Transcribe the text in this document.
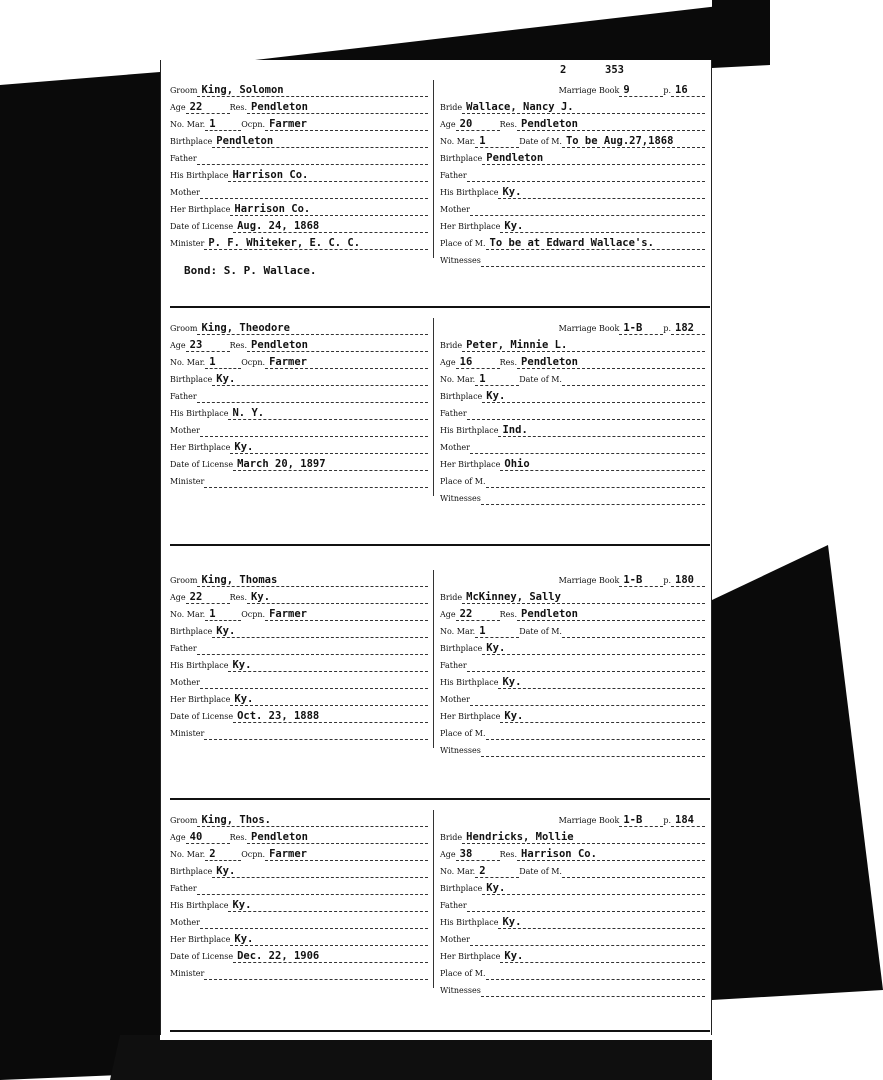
2	353
Groom King, Solomon
Age 22	Res. Pendleton
No. Mar. 1	Ocpn. Farmer
Birthplace Pendleton
Father
His Birthplace Harrison Co.
Mother
Her Birthplace Harrison Co.
Date of License Aug. 24, 1868
Minister P. F. Whiteker, E. C. C.
Marriage Book 9	p. 16
Bride Wallace, Nancy J.
Age 20	Res. Pendleton
No. Mar. 1	Date of M. To be Aug.27,1868
Birthplace Pendleton
Father
His Birthplace Ky.
Mother
Her Birthplace Ky.
Place of M. To be at Edward Wallace's.
Witnesses
Bond: S. P. Wallace.
Groom King, Theodore
Age 23	Res. Pendleton
No. Mar. 1	Ocpn. Farmer
Birthplace Ky.
Father
His Birthplace N. Y.
Mother
Her Birthplace Ky.
Date of License March 20, 1897
Minister
Marriage Book 1-B	p. 182
Bride Peter, Minnie L.
Age 16	Res. Pendleton
No. Mar. 1	Date of M.
Birthplace Ky.
Father
His Birthplace Ind.
Mother
Her Birthplace Ohio
Place of M.
Witnesses
Groom King, Thomas
Age 22	Res. Ky.
No. Mar. 1	Ocpn. Farmer
Birthplace Ky.
Father
His Birthplace Ky.
Mother
Her Birthplace Ky.
Date of License Oct. 23, 1888
Minister
Marriage Book 1-B	p. 180
Bride McKinney, Sally
Age 22	Res. Pendleton
No. Mar. 1	Date of M.
Birthplace Ky.
Father
His Birthplace Ky.
Mother
Her Birthplace Ky.
Place of M.
Witnesses
Groom King, Thos.
Age 40	Res. Pendleton
No. Mar. 2	Ocpn. Farmer
Birthplace Ky.
Father
His Birthplace Ky.
Mother
Her Birthplace Ky.
Date of License Dec. 22, 1906
Minister
Marriage Book 1-B	p. 184
Bride Hendricks, Mollie
Age 38	Res. Harrison Co.
No. Mar. 2	Date of M.
Birthplace Ky.
Father
His Birthplace Ky.
Mother
Her Birthplace Ky.
Place of M.
Witnesses
